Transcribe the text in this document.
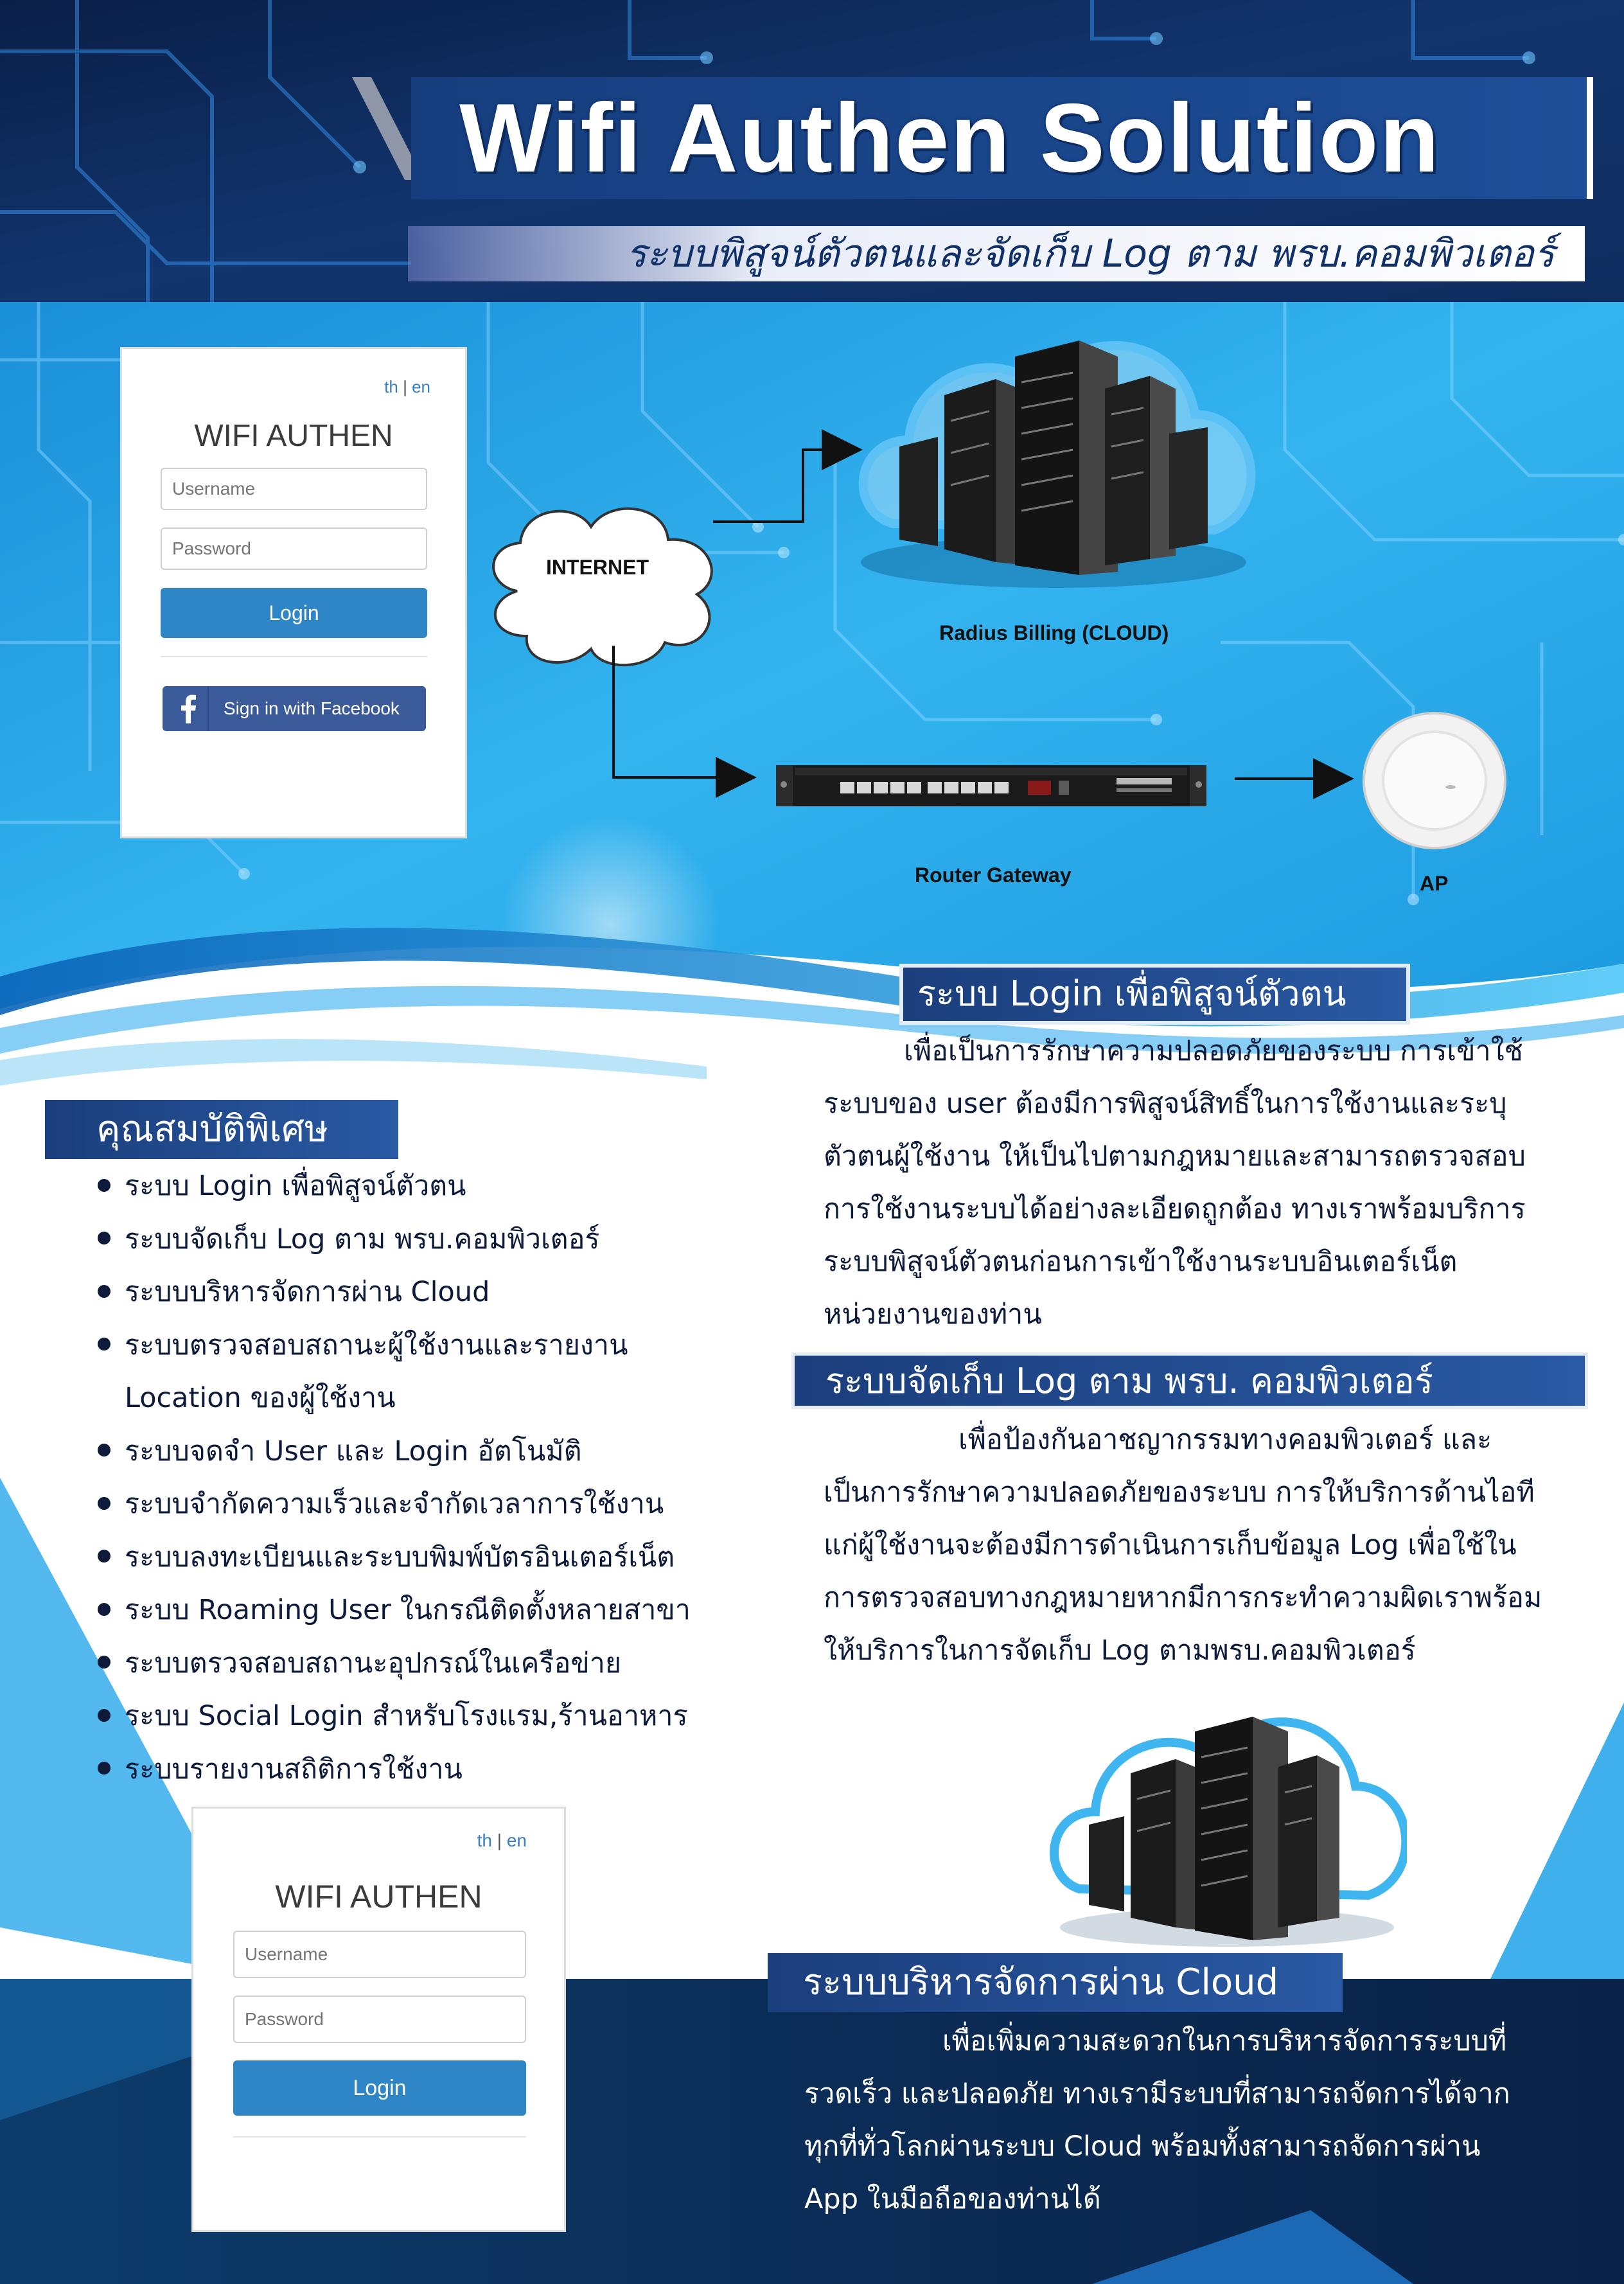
Wifi Authen Solution
ระบบพิสูจน์ตัวตนและจัดเก็บ Log ตาม พรบ.คอมพิวเตอร์
th | en
WIFI AUTHEN
Username
Login
Sign in with Facebook
INTERNET
Radius Billing (CLOUD)
Router Gateway	AP
ระบบ Login เพื่อพิสูจน์ตัวตน
เพื่อเป็นการรักษาความปลอดภัยของระบบ การเข้าใช้
ระบบของ user ต้องมีการพิสูจน์สิทธิ์ในการใช้งานและระบุ
ตัวตนผู้ใช้งาน ให้เป็นไปตามกฎหมายและสามารถตรวจสอบ
การใช้งานระบบได้อย่างละเอียดถูกต้อง ทางเราพร้อมบริการ
ระบบพิสูจน์ตัวตนก่อนการเข้าใช้งานระบบอินเตอร์เน็ต
หน่วยงานของท่าน
คุณสมบัติพิเศษ
ระบบ Login เพื่อพิสูจน์ตัวตน
ระบบจัดเก็บ Log ตาม พรบ.คอมพิวเตอร์
ระบบบริหารจัดการผ่าน Cloud
ระบบตรวจสอบสถานะผู้ใช้งานและรายงาน
Location ของผู้ใช้งาน
ระบบจดจำ User และ Login อัตโนมัติ
ระบบจำกัดความเร็วและจำกัดเวลาการใช้งาน
ระบบลงทะเบียนและระบบพิมพ์บัตรอินเตอร์เน็ต
ระบบ Roaming User ในกรณีติดตั้งหลายสาขา
ระบบตรวจสอบสถานะอุปกรณ์ในเครือข่าย
ระบบ Social Login สำหรับโรงแรม,ร้านอาหาร
ระบบรายงานสถิติการใช้งาน
ระบบจัดเก็บ Log ตาม พรบ. คอมพิวเตอร์
เพื่อป้องกันอาชญากรรมทางคอมพิวเตอร์ และ
เป็นการรักษาความปลอดภัยของระบบ การให้บริการด้านไอที
แก่ผู้ใช้งานจะต้องมีการดำเนินการเก็บข้อมูล Log เพื่อใช้ใน
การตรวจสอบทางกฎหมายหากมีการกระทำความผิดเราพร้อม
ให้บริการในการจัดเก็บ Log ตามพรบ.คอมพิวเตอร์
th | en
WIFI AUTHEN
Username
Login
ระบบบริหารจัดการผ่าน Cloud
เพื่อเพิ่มความสะดวกในการบริหารจัดการระบบที่
รวดเร็ว และปลอดภัย ทางเรามีระบบที่สามารถจัดการได้จาก
ทุกที่ทั่วโลกผ่านระบบ Cloud พร้อมทั้งสามารถจัดการผ่าน
App ในมือถือของท่านได้
